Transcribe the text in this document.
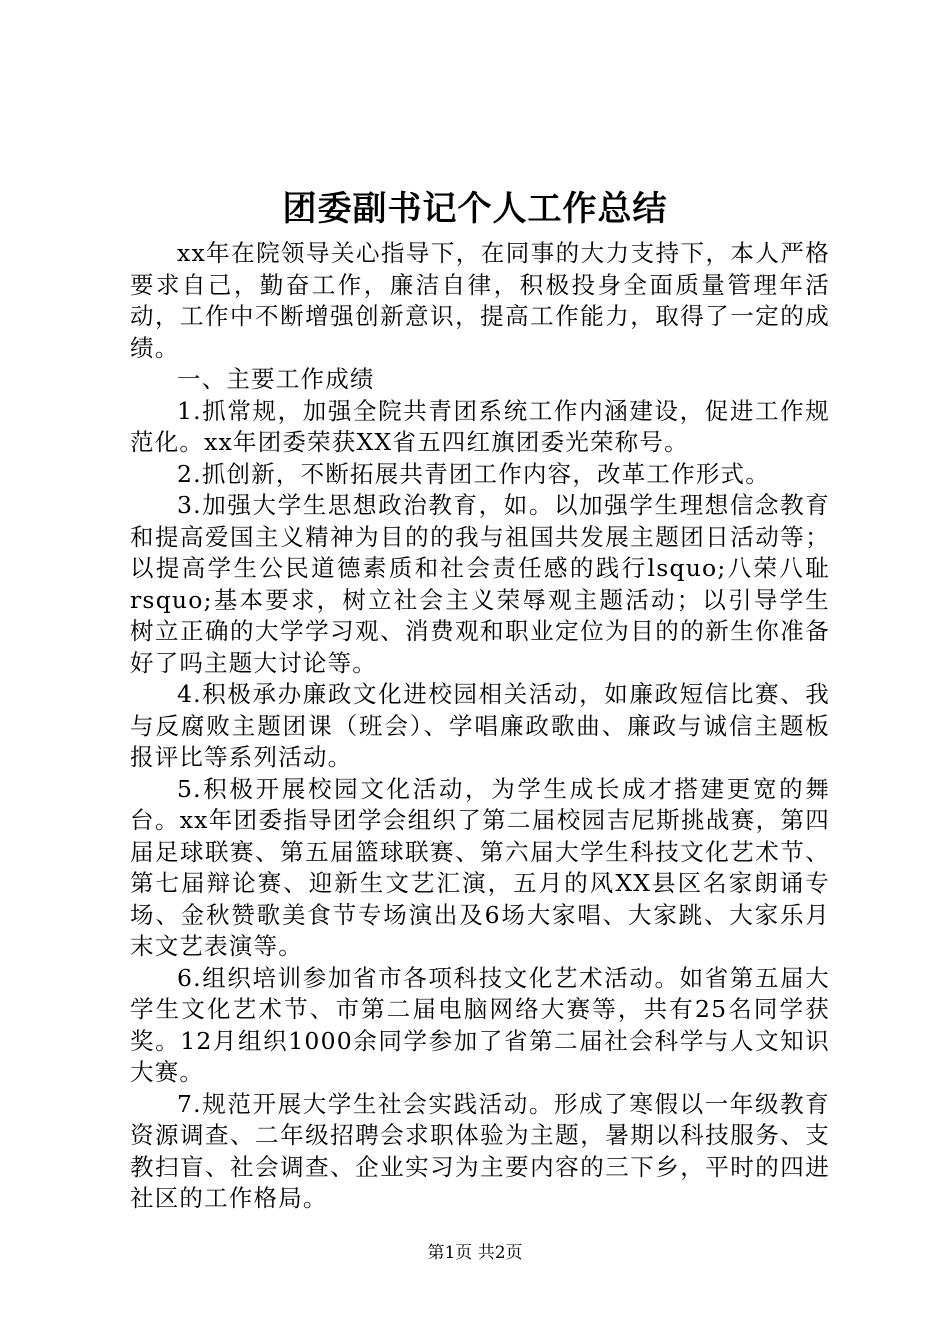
团委副书记个人工作总结

xx年在院领导关心指导下，在同事的大力支持下，本人严格要求自己，勤奋工作，廉洁自律，积极投身全面质量管理年活动，工作中不断增强创新意识，提高工作能力，取得了一定的成绩。

一、主要工作成绩

1.抓常规，加强全院共青团系统工作内涵建设，促进工作规范化。xx年团委荣获XX省五四红旗团委光荣称号。

2.抓创新，不断拓展共青团工作内容，改革工作形式。

3.加强大学生思想政治教育，如。以加强学生理想信念教育和提高爱国主义精神为目的的我与祖国共发展主题团日活动等；以提高学生公民道德素质和社会责任感的践行lsquo;八荣八耻rsquo;基本要求，树立社会主义荣辱观主题活动；以引导学生树立正确的大学学习观、消费观和职业定位为目的的新生你准备好了吗主题大讨论等。

4.积极承办廉政文化进校园相关活动，如廉政短信比赛、我与反腐败主题团课（班会）、学唱廉政歌曲、廉政与诚信主题板报评比等系列活动。

5.积极开展校园文化活动，为学生成长成才搭建更宽的舞台。xx年团委指导团学会组织了第二届校园吉尼斯挑战赛，第四届足球联赛、第五届篮球联赛、第六届大学生科技文化艺术节、第七届辩论赛、迎新生文艺汇演，五月的风XX县区名家朗诵专场、金秋赞歌美食节专场演出及6场大家唱、大家跳、大家乐月末文艺表演等。

6.组织培训参加省市各项科技文化艺术活动。如省第五届大学生文化艺术节、市第二届电脑网络大赛等，共有25名同学获奖。12月组织1000余同学参加了省第二届社会科学与人文知识大赛。

7.规范开展大学生社会实践活动。形成了寒假以一年级教育资源调查、二年级招聘会求职体验为主题，暑期以科技服务、支教扫盲、社会调查、企业实习为主要内容的三下乡，平时的四进社区的工作格局。

第1页 共2页
